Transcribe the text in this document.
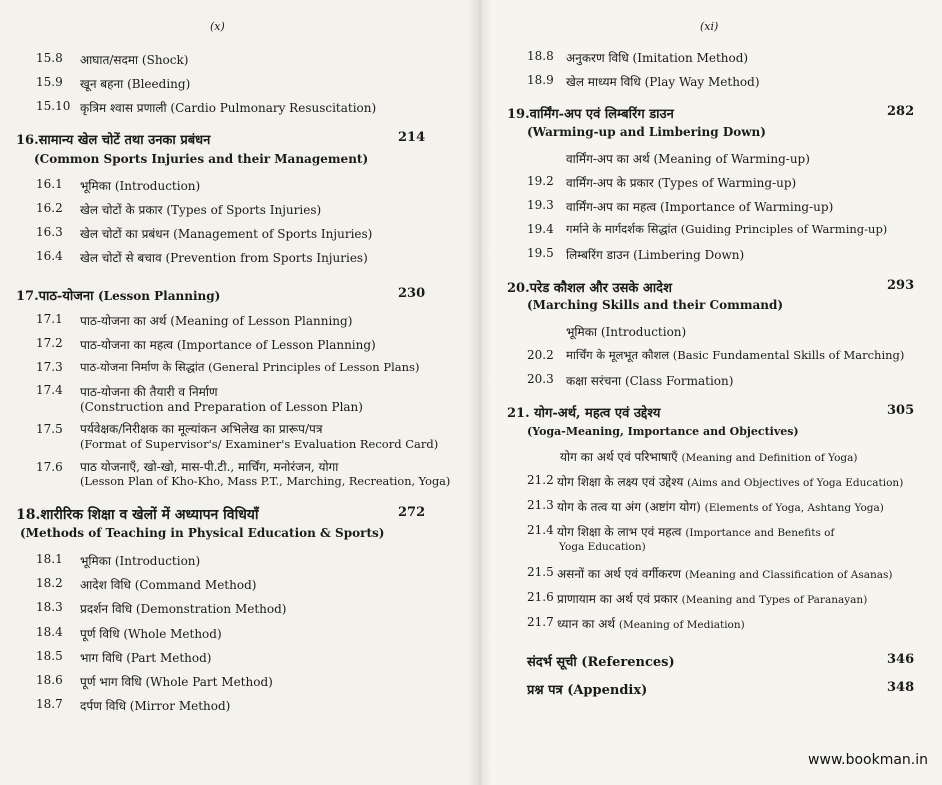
(x)
15.8	आघात/सदमा (Shock)
15.9	खून बहना (Bleeding)
15.10 कृत्रिम श्वास प्रणाली (Cardio Pulmonary Resuscitation)
16.सामान्य खेल चोटें तथा उनका प्रबंधन	214
(Common Sports Injuries and their Management)
16.1	भूमिका (Introduction)
16.2	खेल चोटों के प्रकार (Types of Sports Injuries)
16.3	खेल चोटों का प्रबंधन (Management of Sports Injuries)
16.4	खेल चोटों से बचाव (Prevention from Sports Injuries)
17.पाठ-योजना (Lesson Planning)	230
17.1	पाठ-योजना का अर्थ (Meaning of Lesson Planning)
17.2	पाठ-योजना का महत्व (Importance of Lesson Planning)
17.3	पाठ-योजना निर्माण के सिद्धांत (General Principles of Lesson Plans)
17.4	पाठ-योजना की तैयारी व निर्माण
(Construction and Preparation of Lesson Plan)
17.5	पर्यवेक्षक/निरीक्षक का मूल्यांकन अभिलेख का प्रारूप/पत्र
(Format of Supervisor's/ Examiner's Evaluation Record Card)
17.6	पाठ योजनाएँ, खो-खो, मास-पी.टी., मार्चिंग, मनोरंजन, योगा
(Lesson Plan of Kho-Kho, Mass P.T., Marching, Recreation, Yoga)
18.शारीरिक शिक्षा व खेलों में अध्यापन विधियाँ	272
(Methods of Teaching in Physical Education & Sports)
18.1	भूमिका (Introduction)
18.2	आदेश विधि (Command Method)
18.3	प्रदर्शन विधि (Demonstration Method)
18.4	पूर्ण विधि (Whole Method)
18.5	भाग विधि (Part Method)
18.6	पूर्ण भाग विधि (Whole Part Method)
18.7	दर्पण विधि (Mirror Method)
(xi)
18.8	अनुकरण विधि (Imitation Method)
18.9	खेल माध्यम विधि (Play Way Method)
19.वार्मिंग-अप एवं लिम्बरिंग डाउन	282
(Warming-up and Limbering Down)
वार्मिंग-अप का अर्थ (Meaning of Warming-up)
19.2	वार्मिंग-अप के प्रकार (Types of Warming-up)
19.3	वार्मिंग-अप का महत्व (Importance of Warming-up)
19.4	गर्माने के मार्गदर्शक सिद्धांत (Guiding Principles of Warming-up)
19.5	लिम्बरिंग डाउन (Limbering Down)
20.परेड कौशल और उसके आदेश	293
(Marching Skills and their Command)
भूमिका (Introduction)
20.2	मार्चिंग के मूलभूत कौशल (Basic Fundamental Skills of Marching)
20.3	कक्षा सरंचना (Class Formation)
21. योग-अर्थ, महत्व एवं उद्देश्य	305
(Yoga-Meaning, Importance and Objectives)
योग का अर्थ एवं परिभाषाएँ (Meaning and Definition of Yoga)
21.2 योग शिक्षा के लक्ष्य एवं उद्देश्य (Aims and Objectives of Yoga Education)
21.3 योग के तत्व या अंग (अष्टांग योग) (Elements of Yoga, Ashtang Yoga)
21.4 योग शिक्षा के लाभ एवं महत्व (Importance and Benefits of
Yoga Education)
21.5 असनों का अर्थ एवं वर्गीकरण (Meaning and Classification of Asanas)
21.6 प्राणायाम का अर्थ एवं प्रकार (Meaning and Types of Paranayan)
21.7 ध्यान का अर्थ (Meaning of Mediation)
संदर्भ सूची (References)	346
प्रश्न पत्र (Appendix)	348
www.bookman.in
